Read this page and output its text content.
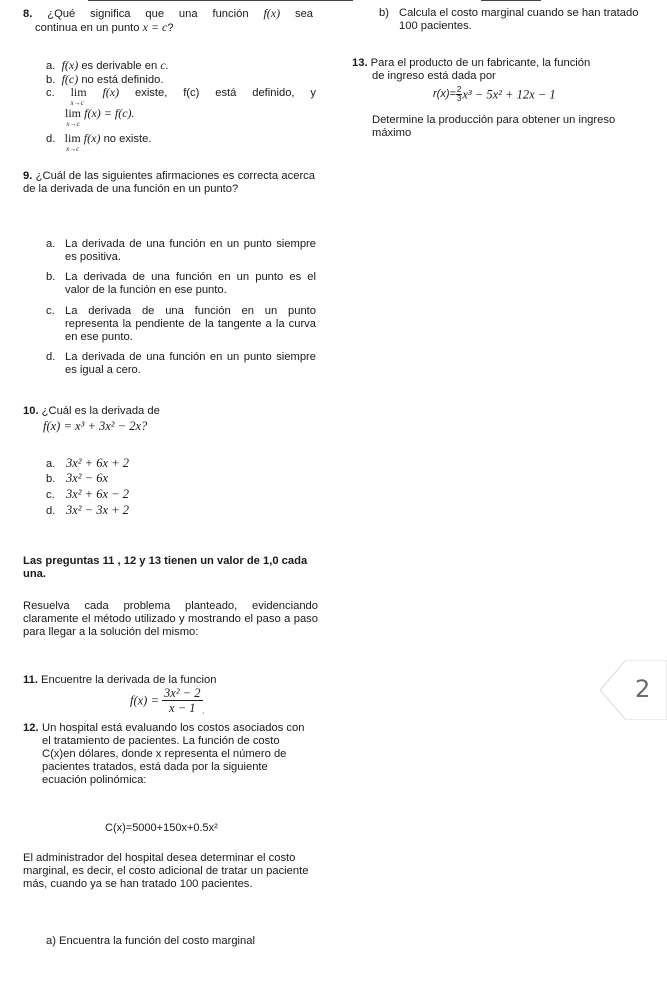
8. ¿Qué significa que una función f(x) sea
continua en un punto x = c?
a. f(x) es derivable en c.
b. f(c) no está definido.
c. lim
x→c
f(x) existe, f(c) está definido, y
lim
x→c
f(x) = f(c).
d. lim
x→c
f(x) no existe.
9. ¿Cuál de las siguientes afirmaciones es correcta acerca de la derivada de una función en un punto?
a. La derivada de una función en un punto siempre es positiva.
b. La derivada de una función en un punto es el valor de la función en ese punto.
c. La derivada de una función en un punto representa la pendiente de la tangente a la curva en ese punto.
d. La derivada de una función en un punto siempre es igual a cero.
10. ¿Cuál es la derivada de
f(x) = x³ + 3x² − 2x?
a. 3x² + 6x + 2
b. 3x² − 6x
c. 3x² + 6x − 2
d. 3x² − 3x + 2
Las preguntas 11 , 12 y 13 tienen un valor de 1,0 cada una.
Resuelva cada problema planteado, evidenciando claramente el método utilizado y mostrando el paso a paso para llegar a la solución del mismo:
11. Encuentre la derivada de la funcion
$f(x) = \frac{\text{3x² − 2}}{x - 1}$ .
12. Un hospital está evaluando los costos asociados con el tratamiento de pacientes. La función de costo C(x)en dólares, donde x representa el número de pacientes tratados, está dada por la siguiente ecuación polinómica:
C(x)=5000+150x+0.5x²
El administrador del hospital desea determinar el costo marginal, es decir, el costo adicional de tratar un paciente más, cuando ya se han tratado 100 pacientes.
a) Encuentra la función del costo marginal
b) Calcula el costo marginal cuando se han tratado 100 pacientes.
13. Para el producto de un fabricante, la función
de ingreso está dada por
$r(x)= \frac{2}{3} x^3 - 5x^2 + 12x - 1$
Determine la producción para obtener un ingreso máximo
2
